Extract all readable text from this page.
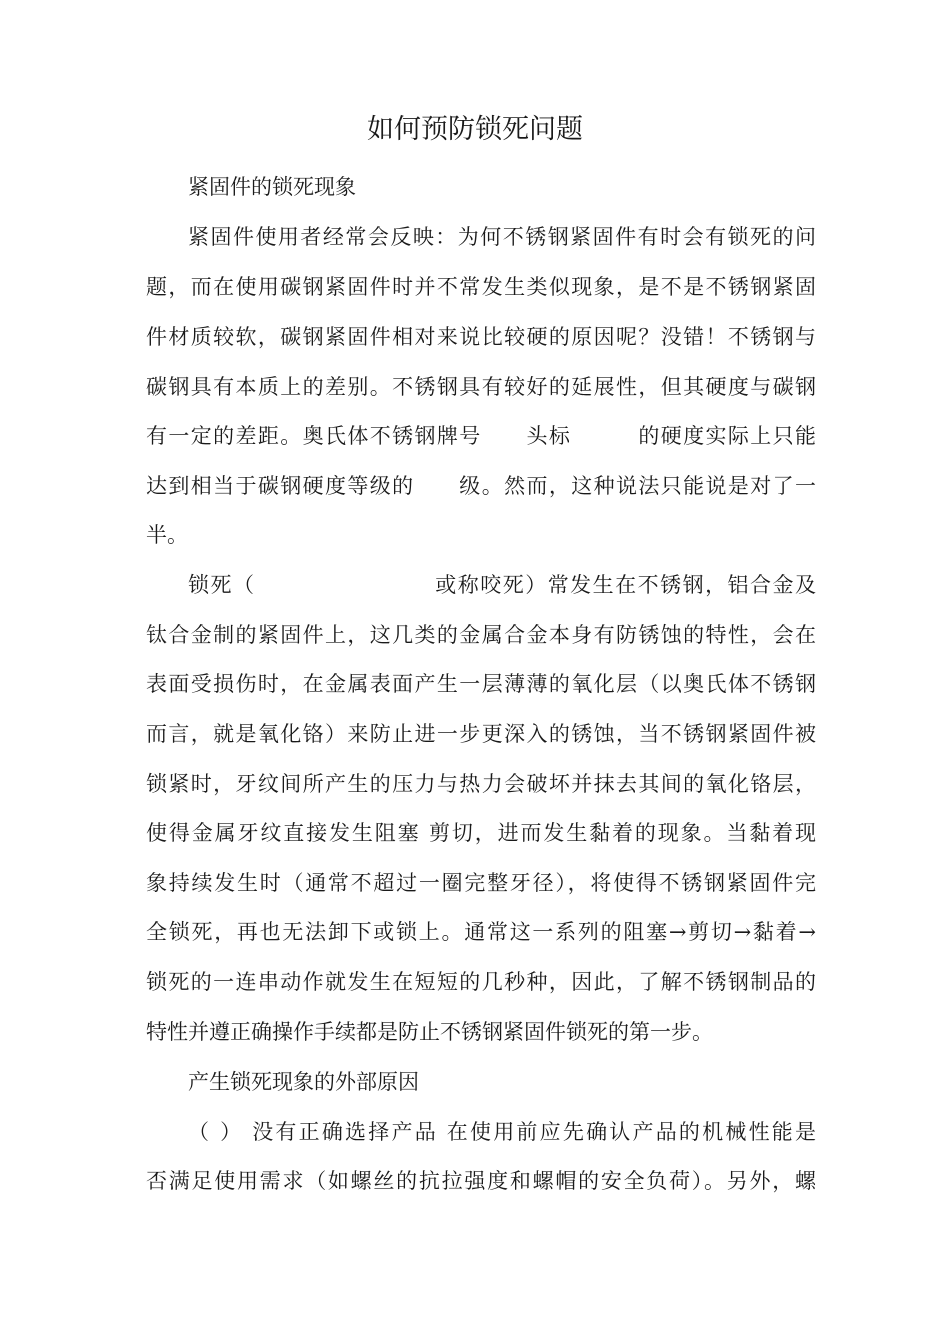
如何预防锁死问题
紧固件的锁死现象
紧固件使用者经常会反映：为何不锈钢紧固件有时会有锁死的问
题，而在使用碳钢紧固件时并不常发生类似现象，是不是不锈钢紧固
件材质较软，碳钢紧固件相对来说比较硬的原因呢？没错！不锈钢与
碳钢具有本质上的差别。不锈钢具有较好的延展性，但其硬度与碳钢
有一定的差距。奥氏体不锈钢牌号　　头标　　　的硬度实际上只能
达到相当于碳钢硬度等级的　　级。然而，这种说法只能说是对了一
半。
锁死（　　　　　　　　或称咬死）常发生在不锈钢，铝合金及
钛合金制的紧固件上，这几类的金属合金本身有防锈蚀的特性，会在
表面受损伤时，在金属表面产生一层薄薄的氧化层（以奥氏体不锈钢
而言，就是氧化铬）来防止进一步更深入的锈蚀，当不锈钢紧固件被
锁紧时，牙纹间所产生的压力与热力会破坏并抹去其间的氧化铬层，
使得金属牙纹直接发生阻塞 剪切，进而发生黏着的现象。当黏着现
象持续发生时（通常不超过一圈完整牙径），将使得不锈钢紧固件完
全锁死，再也无法卸下或锁上。通常这一系列的阻塞→剪切→黏着→
锁死的一连串动作就发生在短短的几秒种，因此，了解不锈钢制品的
特性并遵正确操作手续都是防止不锈钢紧固件锁死的第一步。
产生锁死现象的外部原因
（ ） 没有正确选择产品 在使用前应先确认产品的机械性能是
否满足使用需求（如螺丝的抗拉强度和螺帽的安全负荷）。另外，螺
